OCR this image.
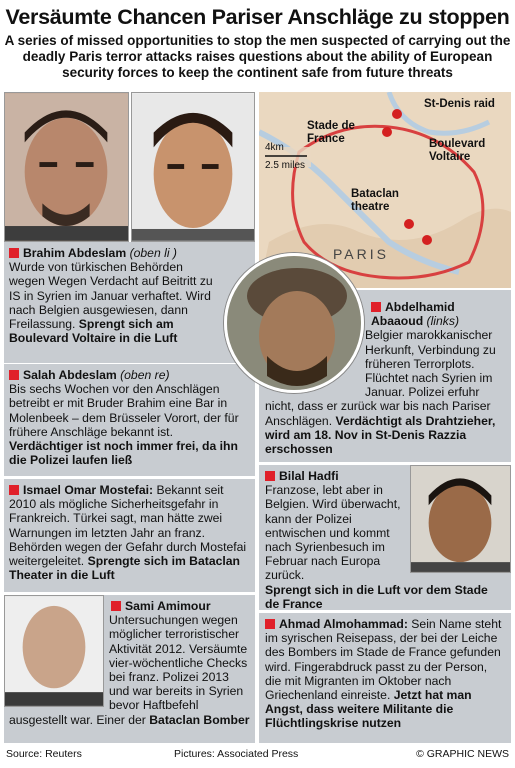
Versäumte Chancen Pariser Anschläge zu stoppen
A series of missed opportunities to stop the men suspected of carrying out the deadly Paris terror attacks raises questions about the ability of European security forces to keep the continent safe from future threats
St-Denis raid
Stade de France	Boulevard Voltaire
Bataclan theatre
PARIS
4km
2.5 miles
Brahim Abdeslam (oben li )
Wurde von türkischen Behörden wegen Wegen Verdacht auf Beitritt zu IS in Syrien im Januar verhaftet. Wird nach Belgien ausgewiesen, dann Freilassung. Sprengt sich am Boulevard Voltaire in die Luft
Salah Abdeslam (oben re)
Bis sechs Wochen vor den Anschlägen betreibt er mit Bruder Brahim eine Bar in Molenbeek – dem Brüsseler Vorort, der für frühere Anschläge bekannt ist. Verdächtiger ist noch immer frei, da ihn die Polizei laufen ließ
Abdelhamid Abaaoud (links)
Belgier marokkanischer Herkunft, Verbindung zu früheren Terrorplots. Flüchtet nach Syrien im Januar. Polizei erfuhr nicht, dass er zurück war bis nach Pariser Anschlägen. Verdächtigt als Drahtzieher, wird am 18. Nov in St-Denis Razzia erschossen
Ismael Omar Mostefai: Bekannt seit 2010 als mögliche Sicherheitsgefahr in Frankreich. Türkei sagt, man hätte zwei Warnungen im letzten Jahr an franz. Behörden wegen der Gefahr durch Mostefai weitergeleitet. Sprengte sich im Bataclan Theater in die Luft
Bilal Hadfi
Franzose, lebt aber in Belgien. Wird überwacht, kann der Polizei entwischen und kommt nach Syrienbesuch im Februar nach Europa zurück.
Sprengt sich in die Luft vor dem Stade de France
Sami Amimour
Untersuchungen wegen möglicher terroristischer Aktivität 2012. Versäumte vier-wöchentliche Checks bei franz. Polizei 2013 und war bereits in Syrien bevor Haftbefehl ausgestellt war. Einer der Bataclan Bomber
Ahmad Almohammad: Sein Name steht im syrischen Reisepass, der bei der Leiche des Bombers im Stade de France gefunden wird. Fingerabdruck passt zu der Person, die mit Migranten im Oktober nach Griechenland einreiste. Jetzt hat man Angst, dass weitere Militante die Flüchtlingskrise nutzen
Source: Reuters	Pictures: Associated Press	© GRAPHIC NEWS
